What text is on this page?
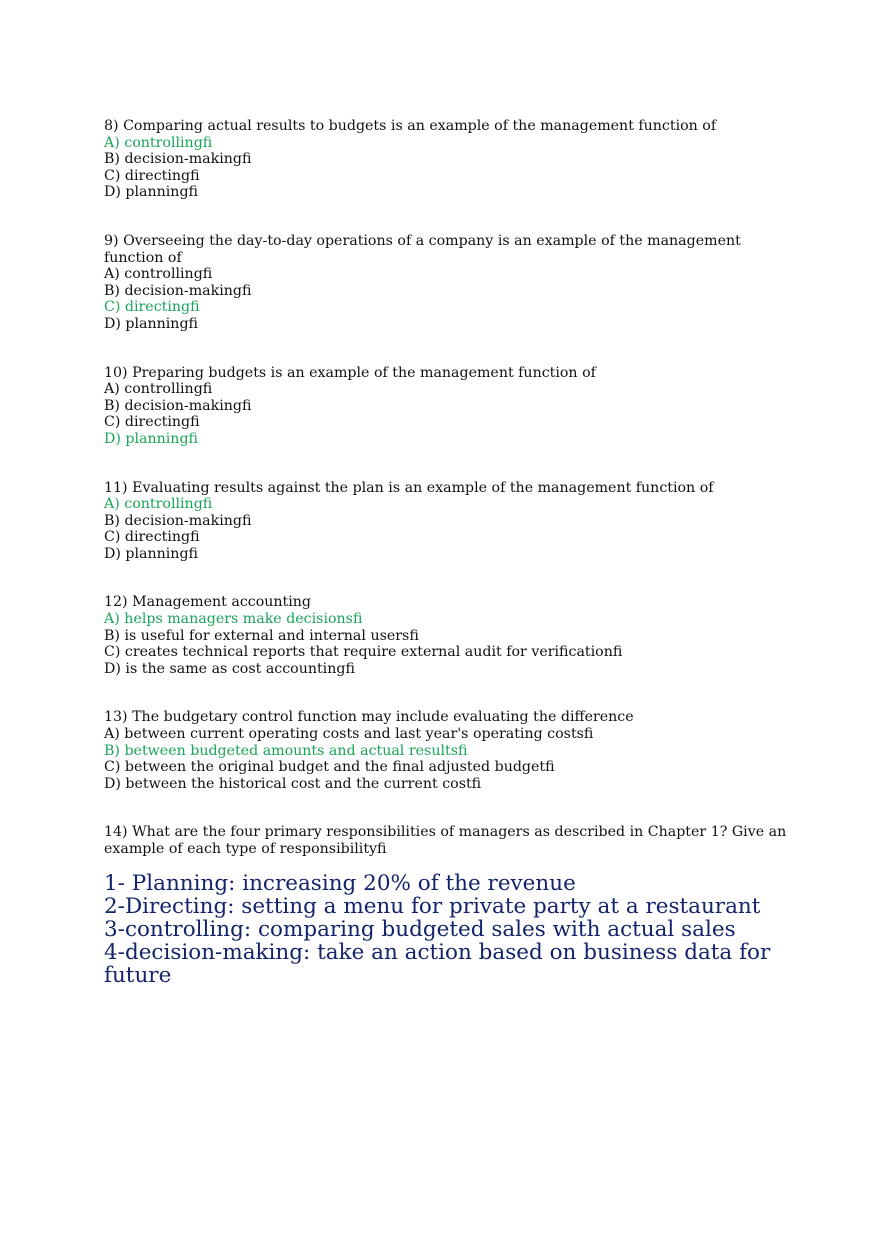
8) Comparing actual results to budgets is an example of the management function of
A) controllingfi
B) decision-makingfi
C) directingfi
D) planningfi
9) Overseeing the day-to-day operations of a company is an example of the management function of
A) controllingfi
B) decision-makingfi
C) directingfi
D) planningfi
10) Preparing budgets is an example of the management function of
A) controllingfi
B) decision-makingfi
C) directingfi
D) planningfi
11) Evaluating results against the plan is an example of the management function of
A) controllingfi
B) decision-makingfi
C) directingfi
D) planningfi
12) Management accounting
A) helps managers make decisionsfi
B) is useful for external and internal usersfi
C) creates technical reports that require external audit for verificationfi
D) is the same as cost accountingfi
13) The budgetary control function may include evaluating the difference
A) between current operating costs and last year's operating costsfi
B) between budgeted amounts and actual resultsfi
C) between the original budget and the final adjusted budgetfi
D) between the historical cost and the current costfi
14) What are the four primary responsibilities of managers as described in Chapter 1? Give an example of each type of responsibilityfi
1- Planning: increasing 20% of the revenue
2-Directing: setting a menu for private party at a restaurant
3-controlling: comparing budgeted sales with actual sales
4-decision-making: take an action based on business data for future
